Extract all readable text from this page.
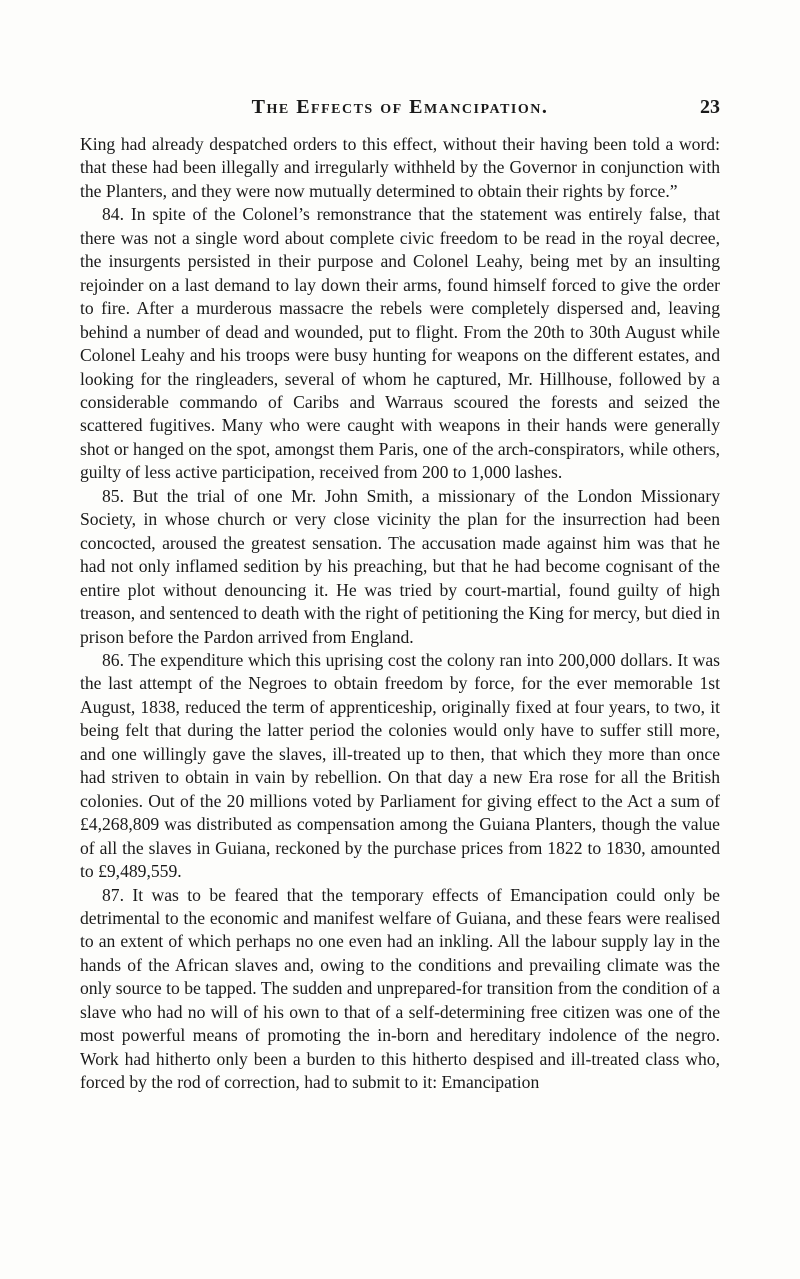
The Effects of Emancipation.	23

King had already despatched orders to this effect, without their having been told a word: that these had been illegally and irregularly withheld by the Governor in conjunction with the Planters, and they were now mutually determined to obtain their rights by force.”

84. In spite of the Colonel’s remonstrance that the statement was entirely false, that there was not a single word about complete civic freedom to be read in the royal decree, the insurgents persisted in their purpose and Colonel Leahy, being met by an insulting rejoinder on a last demand to lay down their arms, found himself forced to give the order to fire. After a murderous massacre the rebels were completely dispersed and, leaving behind a number of dead and wounded, put to flight. From the 20th to 30th August while Colonel Leahy and his troops were busy hunting for weapons on the different estates, and looking for the ringleaders, several of whom he captured, Mr. Hillhouse, followed by a considerable commando of Caribs and Warraus scoured the forests and seized the scattered fugitives. Many who were caught with weapons in their hands were generally shot or hanged on the spot, amongst them Paris, one of the arch-conspirators, while others, guilty of less active participation, received from 200 to 1,000 lashes.

85. But the trial of one Mr. John Smith, a missionary of the London Missionary Society, in whose church or very close vicinity the plan for the insurrection had been concocted, aroused the greatest sensation. The accusation made against him was that he had not only inflamed sedition by his preaching, but that he had become cognisant of the entire plot without denouncing it. He was tried by court-martial, found guilty of high treason, and sentenced to death with the right of petitioning the King for mercy, but died in prison before the Pardon arrived from England.

86. The expenditure which this uprising cost the colony ran into 200,000 dollars. It was the last attempt of the Negroes to obtain freedom by force, for the ever memorable 1st August, 1838, reduced the term of apprenticeship, originally fixed at four years, to two, it being felt that during the latter period the colonies would only have to suffer still more, and one willingly gave the slaves, ill-treated up to then, that which they more than once had striven to obtain in vain by rebellion. On that day a new Era rose for all the British colonies. Out of the 20 millions voted by Parliament for giving effect to the Act a sum of £4,268,809 was distributed as compensation among the Guiana Planters, though the value of all the slaves in Guiana, reckoned by the purchase prices from 1822 to 1830, amounted to £9,489,559.

87. It was to be feared that the temporary effects of Emancipation could only be detrimental to the economic and manifest welfare of Guiana, and these fears were realised to an extent of which perhaps no one even had an inkling. All the labour supply lay in the hands of the African slaves and, owing to the conditions and prevailing climate was the only source to be tapped. The sudden and unprepared-for transition from the condition of a slave who had no will of his own to that of a self-determining free citizen was one of the most powerful means of promoting the in-born and hereditary indolence of the negro. Work had hitherto only been a burden to this hitherto despised and ill-treated class who, forced by the rod of correction, had to submit to it: Emancipation
